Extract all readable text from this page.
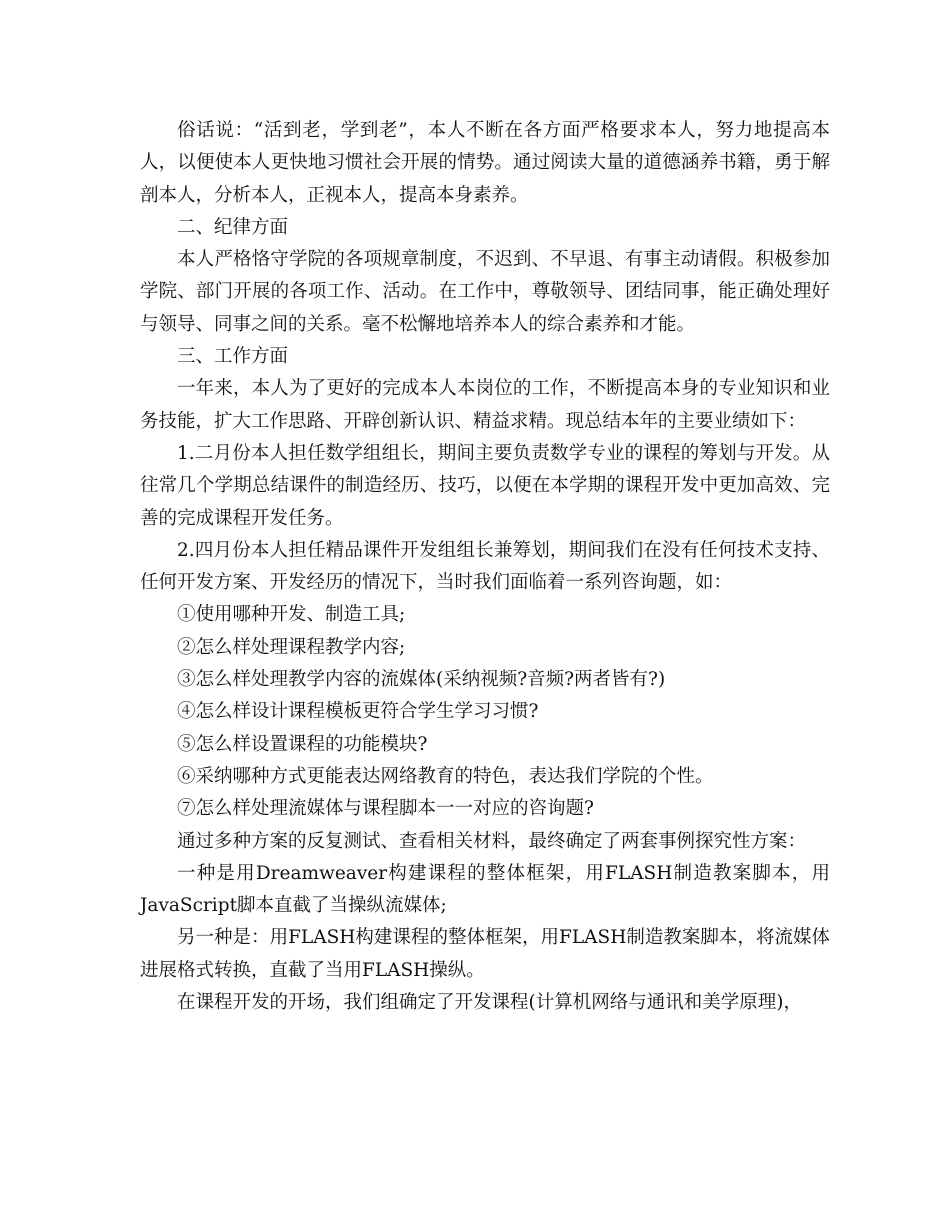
俗话说：“活到老，学到老”，本人不断在各方面严格要求本人，努力地提高本人，以便使本人更快地习惯社会开展的情势。通过阅读大量的道德涵养书籍，勇于解剖本人，分析本人，正视本人，提高本身素养。

二、纪律方面

本人严格恪守学院的各项规章制度，不迟到、不早退、有事主动请假。积极参加学院、部门开展的各项工作、活动。在工作中，尊敬领导、团结同事，能正确处理好与领导、同事之间的关系。毫不松懈地培养本人的综合素养和才能。

三、工作方面

一年来，本人为了更好的完成本人本岗位的工作，不断提高本身的专业知识和业务技能，扩大工作思路、开辟创新认识、精益求精。现总结本年的主要业绩如下：

1.二月份本人担任数学组组长，期间主要负责数学专业的课程的筹划与开发。从往常几个学期总结课件的制造经历、技巧，以便在本学期的课程开发中更加高效、完善的完成课程开发任务。

2.四月份本人担任精品课件开发组组长兼筹划，期间我们在没有任何技术支持、任何开发方案、开发经历的情况下，当时我们面临着一系列咨询题，如：

①使用哪种开发、制造工具;

②怎么样处理课程教学内容;

③怎么样处理教学内容的流媒体(采纳视频?音频?两者皆有?)

④怎么样设计课程模板更符合学生学习习惯?

⑤怎么样设置课程的功能模块?

⑥采纳哪种方式更能表达网络教育的特色，表达我们学院的个性。

⑦怎么样处理流媒体与课程脚本一一对应的咨询题?

通过多种方案的反复测试、查看相关材料，最终确定了两套事例探究性方案：

一种是用Dreamweaver构建课程的整体框架，用FLASH制造教案脚本，用JavaScript脚本直截了当操纵流媒体;

另一种是：用FLASH构建课程的整体框架，用FLASH制造教案脚本，将流媒体进展格式转换，直截了当用FLASH操纵。

在课程开发的开场，我们组确定了开发课程(计算机网络与通讯和美学原理)，
